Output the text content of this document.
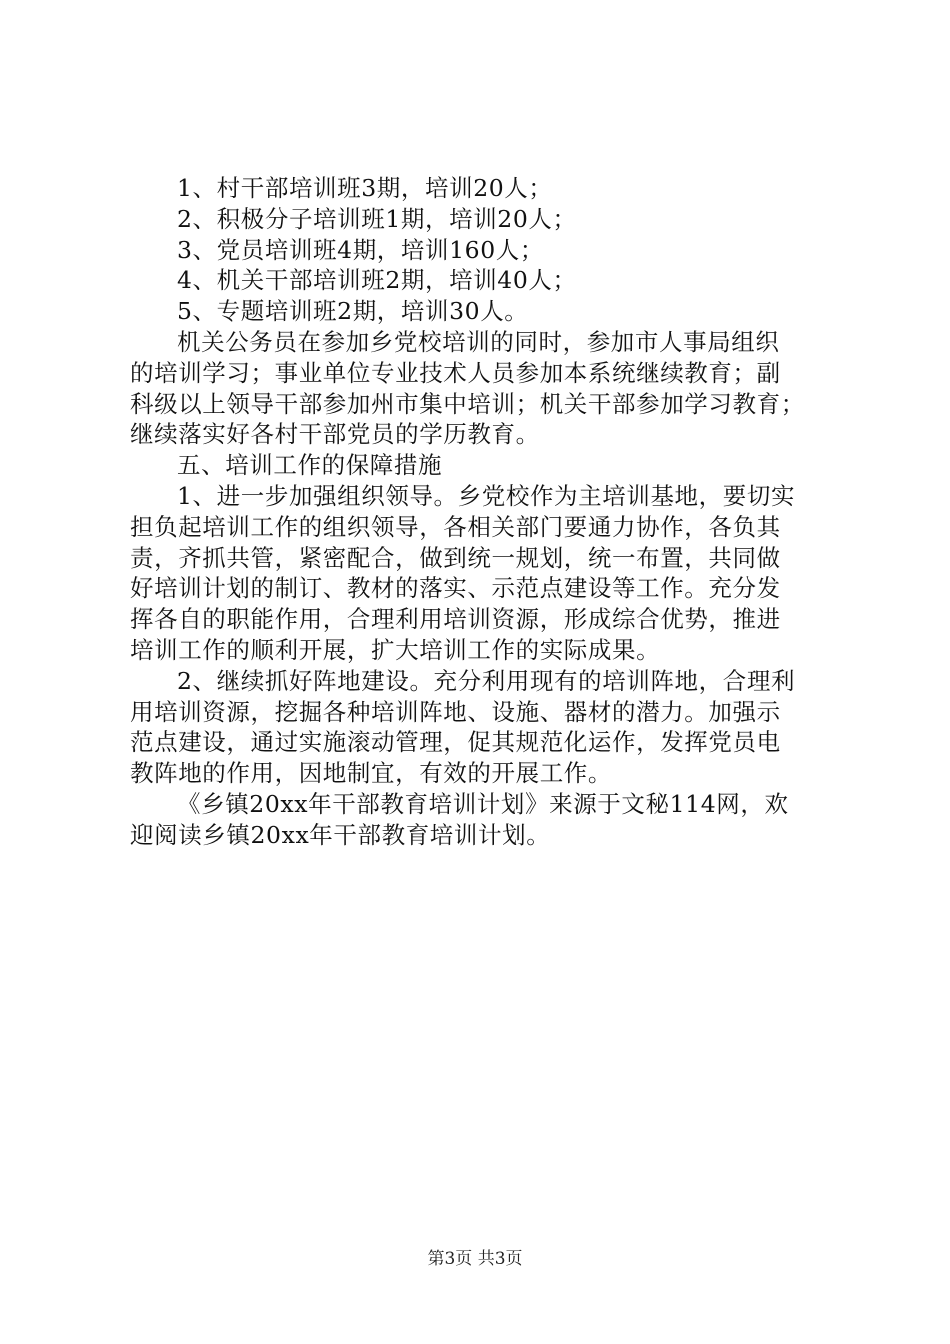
1、村干部培训班3期，培训20人；
2、积极分子培训班1期，培训20人；
3、党员培训班4期，培训160人；
4、机关干部培训班2期，培训40人；
5、专题培训班2期，培训30人。
机关公务员在参加乡党校培训的同时，参加市人事局组织
的培训学习；事业单位专业技术人员参加本系统继续教育；副
科级以上领导干部参加州市集中培训；机关干部参加学习教育；
继续落实好各村干部党员的学历教育。
五、培训工作的保障措施
1、进一步加强组织领导。乡党校作为主培训基地，要切实
担负起培训工作的组织领导，各相关部门要通力协作，各负其
责，齐抓共管，紧密配合，做到统一规划，统一布置，共同做
好培训计划的制订、教材的落实、示范点建设等工作。充分发
挥各自的职能作用，合理利用培训资源，形成综合优势，推进
培训工作的顺利开展，扩大培训工作的实际成果。
2、继续抓好阵地建设。充分利用现有的培训阵地，合理利
用培训资源，挖掘各种培训阵地、设施、器材的潜力。加强示
范点建设，通过实施滚动管理，促其规范化运作，发挥党员电
教阵地的作用，因地制宜，有效的开展工作。
《乡镇20xx年干部教育培训计划》来源于文秘114网，欢
迎阅读乡镇20xx年干部教育培训计划。
第3页 共3页
